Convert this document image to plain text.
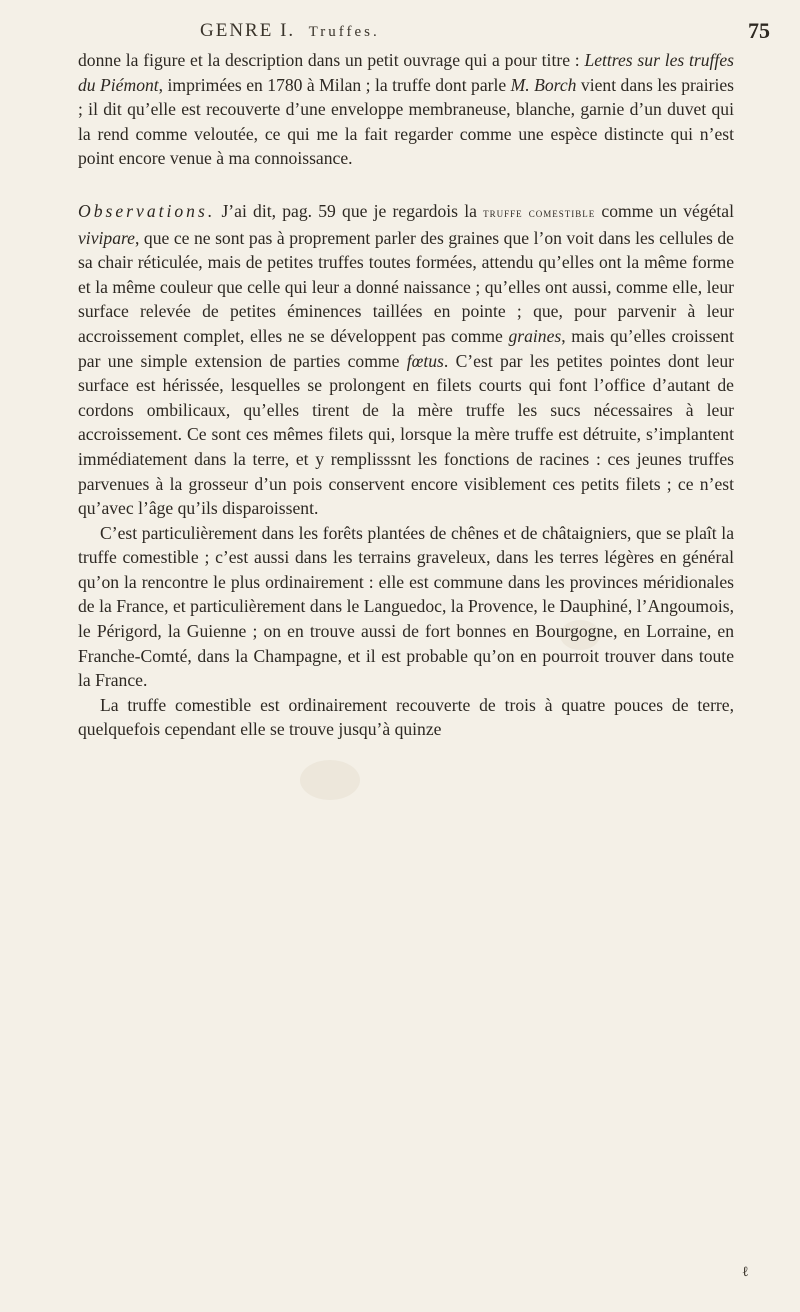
GENRE I. Truffes.	75

donne la figure et la description dans un petit ouvrage qui a pour titre : Lettres sur les truffes du Piémont, imprimées en 1780 à Milan ; la truffe dont parle M. Borch vient dans les prairies ; il dit qu’elle est recouverte d’une enveloppe membraneuse, blanche, garnie d’un duvet qui la rend comme veloutée, ce qui me la fait regarder comme une espèce distincte qui n’est point encore venue à ma connoissance.

Observations. J’ai dit, pag. 59 que je regardois la truffe comestible comme un végétal vivipare, que ce ne sont pas à proprement parler des graines que l’on voit dans les cellules de sa chair réticulée, mais de petites truffes toutes formées, attendu qu’elles ont la même forme et la même couleur que celle qui leur a donné naissance ; qu’elles ont aussi, comme elle, leur surface relevée de petites éminences taillées en pointe ; que, pour parvenir à leur accroissement complet, elles ne se développent pas comme graines, mais qu’elles croissent par une simple extension de parties comme fœtus. C’est par les petites pointes dont leur surface est hérissée, lesquelles se prolongent en filets courts qui font l’office d’autant de cordons ombilicaux, qu’elles tirent de la mère truffe les sucs nécessaires à leur accroissement. Ce sont ces mêmes filets qui, lorsque la mère truffe est détruite, s’implantent immédiatement dans la terre, et y remplisssnt les fonctions de racines : ces jeunes truffes parvenues à la grosseur d’un pois conservent encore visiblement ces petits filets ; ce n’est qu’avec l’âge qu’ils disparoissent.

C’est particulièrement dans les forêts plantées de chênes et de châtaigniers, que se plaît la truffe comestible ; c’est aussi dans les terrains graveleux, dans les terres légères en général qu’on la rencontre le plus ordinairement : elle est commune dans les provinces méridionales de la France, et particulièrement dans le Languedoc, la Provence, le Dauphiné, l’Angoumois, le Périgord, la Guienne ; on en trouve aussi de fort bonnes en Bourgogne, en Lorraine, en Franche-Comté, dans la Champagne, et il est probable qu’on en pourroit trouver dans toute la France.

La truffe comestible est ordinairement recouverte de trois à quatre pouces de terre, quelquefois cependant elle se trouve jusqu’à quinze

ℓ
